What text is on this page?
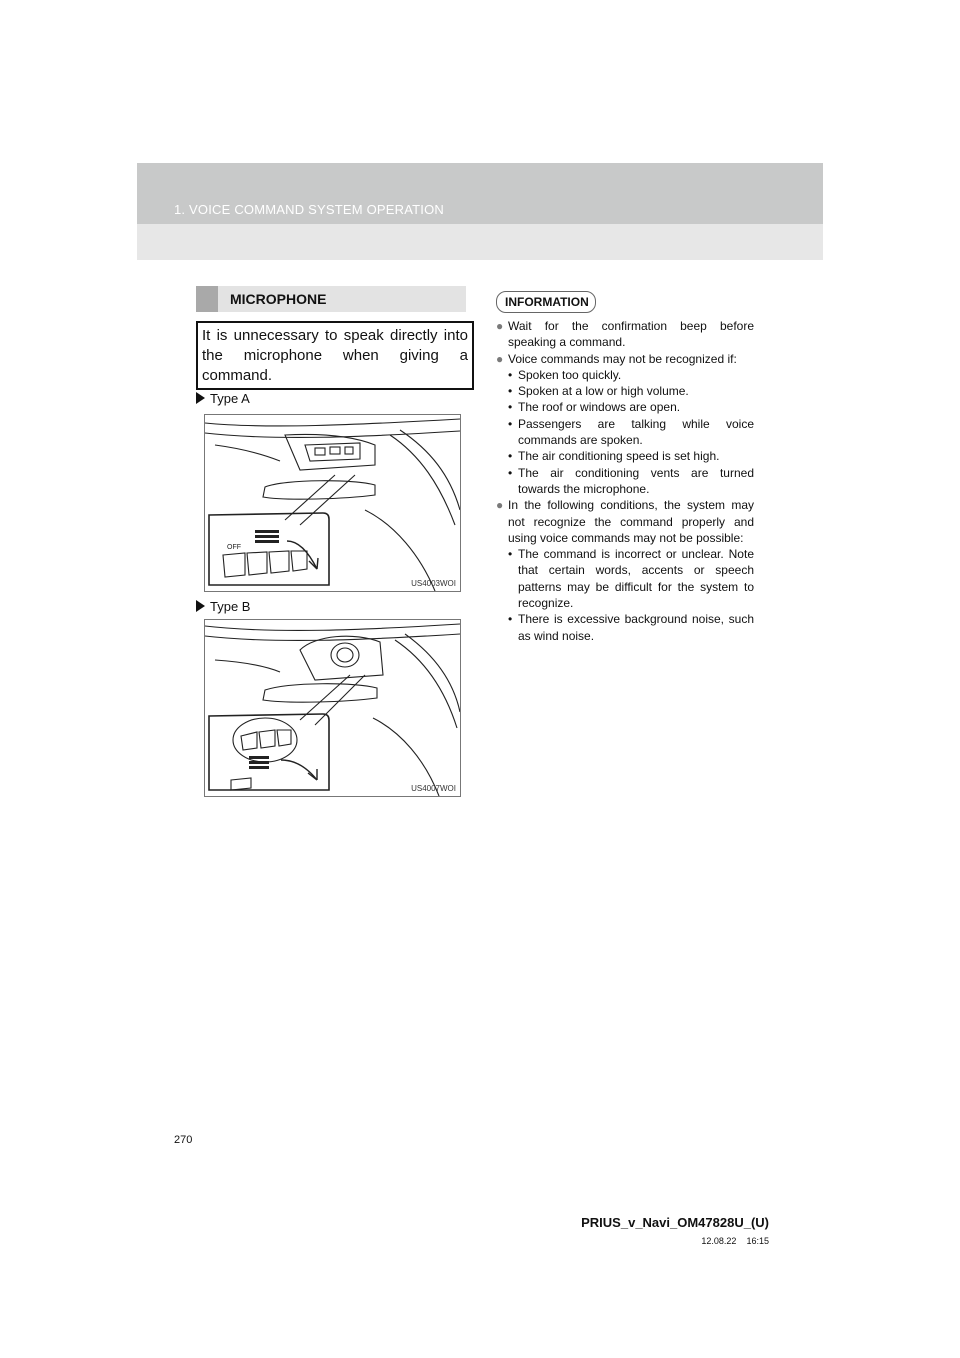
1. VOICE COMMAND SYSTEM OPERATION
MICROPHONE

It is unnecessary to speak directly into the microphone when giving a command.

Type A
OFF
US4003WOI
Type B
US4007WOI
INFORMATION
● Wait for the confirmation beep before speaking a command.
● Voice commands may not be recognized if:
• Spoken too quickly.
• Spoken at a low or high volume.
• The roof or windows are open.
• Passengers are talking while voice commands are spoken.
• The air conditioning speed is set high.
• The air conditioning vents are turned towards the microphone.
● In the following conditions, the system may not recognize the command properly and using voice commands may not be possible:
• The command is incorrect or unclear. Note that certain words, accents or speech patterns may be difficult for the system to recognize.
• There is excessive background noise, such as wind noise.
270
PRIUS_v_Navi_OM47828U_(U)
12.08.22 16:15
